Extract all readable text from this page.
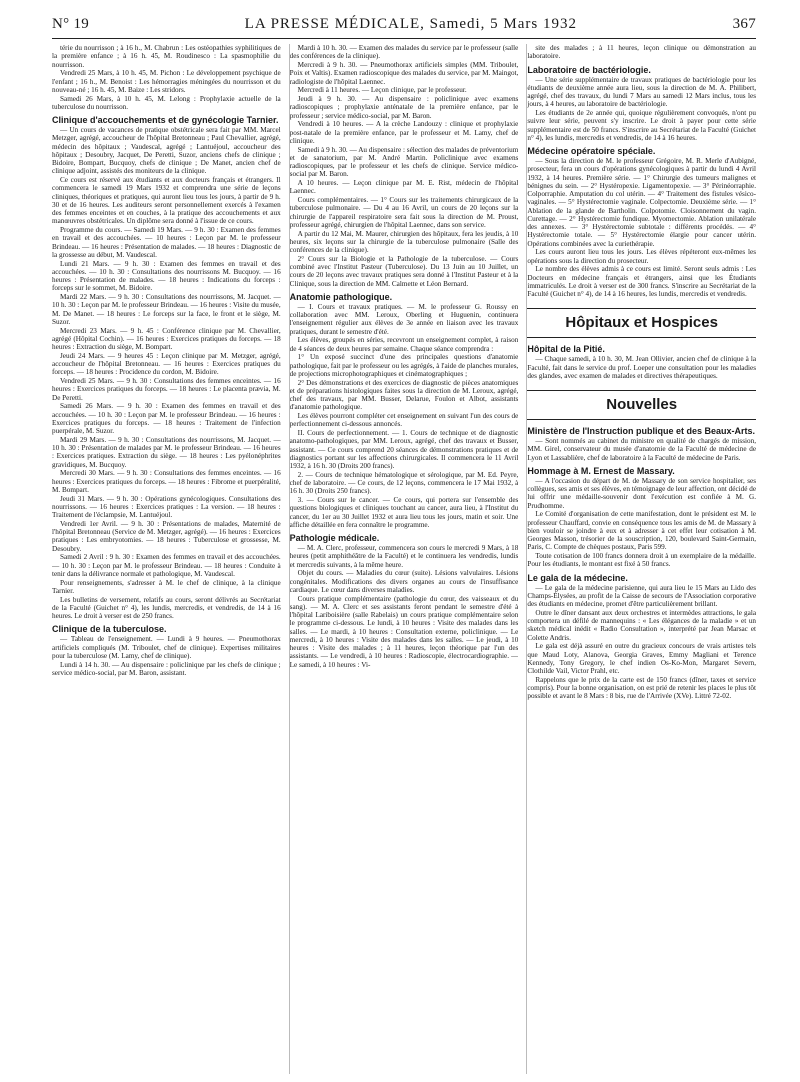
N° 19	LA PRESSE MÉDICALE, Samedi, 5 Mars 1932	367

térie du nourrisson ; à 16 h., M. Chabrun : Les ostéopathies syphilitiques de la première enfance ; à 16 h. 45, M. Roudinesco : La spasmophilie du nourrisson.

Vendredi 25 Mars, à 10 h. 45, M. Pichon : Le développement psychique de l'enfant ; 16 h., M. Benoist : Les hémorragies méningées du nourrisson et du nouveau-né ; 16 h. 45, M. Baize : Les stridors.

Samedi 26 Mars, à 10 h. 45, M. Lelong : Prophylaxie actuelle de la tuberculose du nourrisson.

Clinique d'accouchements et de gynécologie Tarnier.

— Un cours de vacances de pratique obstétricale sera fait par MM. Marcel Metzger, agrégé, accoucheur de l'hôpital Bretonneau ; Paul Chevallier, agrégé, médecin des hôpitaux ; Vaudescal, agrégé ; Lantuéjoul, accoucheur des hôpitaux ; Desoubry, Jacquet, De Peretti, Suzor, anciens chefs de clinique ; Bidoire, Bompart, Bucquoy, chefs de clinique ; De Manet, ancien chef de clinique adjoint, assistés des moniteurs de la clinique.

Ce cours est réservé aux étudiants et aux docteurs français et étrangers. Il commencera le samedi 19 Mars 1932 et comprendra une série de leçons cliniques, théoriques et pratiques, qui auront lieu tous les jours, à partir de 9 h. 30 et de 16 heures. Les auditeurs seront personnellement exercés à l'examen des femmes enceintes et en couches, à la pratique des accouchements et aux manœuvres obstétricales. Un diplôme sera donné à l'issue de ce cours.

Programme du cours. — Samedi 19 Mars. — 9 h. 30 : Examen des femmes en travail et des accouchées. — 10 heures : Leçon par M. le professeur Brindeau. — 16 heures : Présentation de malades. — 18 heures : Diagnostic de la grossesse au début, M. Vaudescal.

Lundi 21 Mars. — 9 h. 30 : Examen des femmes en travail et des accouchées. — 10 h. 30 : Consultations des nourrissons M. Bucquoy. — 16 heures : Présentation de malades. — 18 heures : Indications du forceps : forceps sur le sommet, M. Bidoire.

Mardi 22 Mars. — 9 h. 30 : Consultations des nourrissons, M. Jacquet. — 10 h. 30 : Leçon par M. le professeur Brindeau. — 16 heures : Visite du musée, M. De Manet. — 18 heures : Le forceps sur la face, le front et le siège, M. Suzor.

Mercredi 23 Mars. — 9 h. 45 : Conférence clinique par M. Chevallier, agrégé (Hôpital Cochin). — 16 heures : Exercices pratiques du forceps. — 18 heures : Extraction du siège, M. Bompart.

Jeudi 24 Mars. — 9 heures 45 : Leçon clinique par M. Metzger, agrégé, accoucheur de l'hôpital Bretonneau. — 16 heures : Exercices pratiques du forceps. — 18 heures : Procidence du cordon, M. Bidoire.

Vendredi 25 Mars. — 9 h. 30 : Consultations des femmes enceintes. — 16 heures : Exercices pratiques du forceps. — 18 heures : Le placenta prævia, M. De Peretti.

Samedi 26 Mars. — 9 h. 30 : Examen des femmes en travail et des accouchées. — 10 h. 30 : Leçon par M. le professeur Brindeau. — 16 heures : Exercices pratiques du forceps. — 18 heures : Traitement de l'infection puerpérale, M. Suzor.

Mardi 29 Mars. — 9 h. 30 : Consultations des nourrissons, M. Jacquet. — 10 h. 30 : Présentation de malades par M. le professeur Brindeau. — 16 heures : Exercices pratiques. Extraction du siège. — 18 heures : Les pyélonéphrites gravidiques, M. Bucquoy.

Mercredi 30 Mars. — 9 h. 30 : Consultations des femmes enceintes. — 16 heures : Exercices pratiques du forceps. — 18 heures : Fibrome et puerpéralité, M. Bompart.

Jeudi 31 Mars. — 9 h. 30 : Opérations gynécologiques. Consultations des nourrissons. — 16 heures : Exercices pratiques : La version. — 18 heures : Traitement de l'éclampsie, M. Lantuéjoul.

Vendredi 1er Avril. — 9 h. 30 : Présentations de malades, Maternité de l'hôpital Bretonneau (Service de M. Metzger, agrégé). — 16 heures : Exercices pratiques : Les embryotomies. — 18 heures : Tuberculose et grossesse, M. Desoubry.

Samedi 2 Avril : 9 h. 30 : Examen des femmes en travail et des accouchées. — 10 h. 30 : Leçon par M. le professeur Brindeau. — 18 heures : Conduite à tenir dans la délivrance normale et pathologique, M. Vaudescal.

Pour renseignements, s'adresser à M. le chef de clinique, à la clinique Tarnier.

Les bulletins de versement, relatifs au cours, seront délivrés au Secrétariat de la Faculté (Guichet n° 4), les lundis, mercredis, et vendredis, de 14 à 16 heures. Le droit à verser est de 250 francs.

Clinique de la tuberculose.

— Tableau de l'enseignement. — Lundi à 9 heures. — Pneumothorax artificiels compliqués (M. Triboulet, chef de clinique). Expertises militaires pour la tuberculose (M. Lamy, chef de clinique).

Lundi à 14 h. 30. — Au dispensaire : policlinique par les chefs de clinique ; service médico-social, par M. Baron, assistant.

Mardi à 10 h. 30. — Examen des malades du service par le professeur (salle des conférences de la clinique).

Mercredi à 9 h. 30. — Pneumothorax artificiels simples (MM. Triboulet, Poix et Valtis). Examen radioscopique des malades du service, par M. Maingot, radiologiste de l'hôpital Laennec.

Mercredi à 11 heures. — Leçon clinique, par le professeur.

Jeudi à 9 h. 30. — Au dispensaire : policlinique avec examens radioscopiques ; prophylaxie anténatale de la première enfance, par le professeur ; service médico-social, par M. Baron.

Vendredi à 10 heures. — A la crèche Landouzy : clinique et prophylaxie post-natale de la première enfance, par le professeur et M. Lamy, chef de clinique.

Samedi à 9 h. 30. — Au dispensaire : sélection des malades de préventorium et de sanatorium, par M. André Martin. Policlinique avec examens radioscopiques, par le professeur et les chefs de clinique. Service médico-social par M. Baron.

A 10 heures. — Leçon clinique par M. E. Rist, médecin de l'hôpital Laennec.

Cours complémentaires. — 1° Cours sur les traitements chirurgicaux de la tuberculose pulmonaire. — Du 4 au 16 Avril, un cours de 20 leçons sur la chirurgie de l'appareil respiratoire sera fait sous la direction de M. Proust, professeur agrégé, chirurgien de l'hôpital Laennec, dans son service.

A partir du 12 Mai, M. Maurer, chirurgien des hôpitaux, fera les jeudis, à 10 heures, six leçons sur la chirurgie de la tuberculose pulmonaire (Salle des conférences de la clinique).

2° Cours sur la Biologie et la Pathologie de la tuberculose. — Cours combiné avec l'Institut Pasteur (Tuberculose). Du 13 Juin au 10 Juillet, un cours de 20 leçons avec travaux pratiques sera donné à l'Institut Pasteur et à la Clinique, sous la direction de MM. Calmette et Léon Bernard.

Anatomie pathologique.

— I. Cours et travaux pratiques. — M. le professeur G. Roussy en collaboration avec MM. Leroux, Oberling et Huguenin, continuera l'enseignement régulier aux élèves de 3e année en liaison avec les travaux pratiques, durant le semestre d'été.

Les élèves, groupés en séries, recevront un enseignement complet, à raison de 4 séances de deux heures par semaine. Chaque séance comprendra :

1° Un exposé succinct d'une des principales questions d'anatomie pathologique, fait par le professeur ou les agrégés, à l'aide de planches murales, de projections microphotographiques et cinématographiques ;

2° Des démonstrations et des exercices de diagnostic de pièces anatomiques et de préparations histologiques faites sous la direction de M. Leroux, agrégé, chef des travaux, par MM. Busser, Delarue, Foulon et Albot, assistants d'anatomie pathologique.

Les élèves pourront compléter cet enseignement en suivant l'un des cours de perfectionnement ci-dessous annoncés.

II. Cours de perfectionnement. — 1. Cours de technique et de diagnostic anatomo-pathologiques, par MM. Leroux, agrégé, chef des travaux et Busser, assistant. — Ce cours comprend 20 séances de démonstrations pratiques et de diagnostics portant sur les affections chirurgicales. Il commencera le 11 Avril 1932, à 16 h. 30 (Droits 200 francs).

2. — Cours de technique hématologique et sérologique, par M. Ed. Peyre, chef de laboratoire. — Ce cours, de 12 leçons, commencera le 17 Mai 1932, à 16 h. 30 (Droits 250 francs).

3. — Cours sur le cancer. — Ce cours, qui portera sur l'ensemble des questions biologiques et cliniques touchant au cancer, aura lieu, à l'Institut du cancer, du 1er au 30 Juillet 1932 et aura lieu tous les jours, matin et soir. Une affiche détaillée en fera connaître le programme.

Pathologie médicale.

— M. A. Clerc, professeur, commencera son cours le mercredi 9 Mars, à 18 heures (petit amphithéâtre de la Faculté) et le continuera les vendredis, lundis et mercredis suivants, à la même heure.

Objet du cours. — Maladies du cœur (suite). Lésions valvulaires. Lésions congénitales. Modifications des divers organes au cours de l'insuffisance cardiaque. Le cœur dans diverses maladies.

Cours pratique complémentaire (pathologie du cœur, des vaisseaux et du sang). — M. A. Clerc et ses assistants feront pendant le semestre d'été à l'hôpital Lariboisière (salle Rabelais) un cours pratique complémentaire selon le programme ci-dessous. Le lundi, à 10 heures : Visite des malades dans les salles. — Le mardi, à 10 heures : Consultation externe, policlinique. — Le mercredi, à 10 heures : Visite des malades dans les salles. — Le jeudi, à 10 heures : Visite des malades ; à 11 heures, leçon théorique par l'un des assistants. — Le vendredi, à 10 heures : Radioscopie, électrocardiographie. — Le samedi, à 10 heures : Vi-

site des malades ; à 11 heures, leçon clinique ou démonstration au laboratoire.

Laboratoire de bactériologie.

— Une série supplémentaire de travaux pratiques de bactériologie pour les étudiants de deuxième année aura lieu, sous la direction de M. A. Philibert, agrégé, chef des travaux, du lundi 7 Mars au samedi 12 Mars inclus, tous les jours, à 4 heures, au laboratoire de bactériologie.

Les étudiants de 2e année qui, quoique régulièrement convoqués, n'ont pu suivre leur série, peuvent s'y inscrire. Le droit à payer pour cette série supplémentaire est de 50 francs. S'inscrire au Secrétariat de la Faculté (Guichet n° 4), les lundis, mercredis et vendredis, de 14 à 16 heures.

Médecine opératoire spéciale.

— Sous la direction de M. le professeur Grégoire, M. R. Merle d'Aubigné, prosecteur, fera un cours d'opérations gynécologiques à partir du lundi 4 Avril 1932, à 14 heures. Première série. — 1° Chirurgie des tumeurs malignes et bénignes du sein. — 2° Hystéropexie. Ligamentopexie. — 3° Périnéorraphie. Colporraphie. Amputation du col utérin. — 4° Traitement des fistules vésico-vaginales. — 5° Hystérectomie vaginale. Colpectomie. Deuxième série. — 1° Ablation de la glande de Bartholin. Colpotomie. Cloisonnement du vagin. Curettage. — 2° Hystérectomie fundique. Myomectomie. Ablation unilatérale des annexes. — 3° Hystérectomie subtotale : différents procédés. — 4° Hystérectomie totale. — 5° Hystérectomie élargie pour cancer utérin. Opérations combinées avec la curiethérapie.

Les cours auront lieu tous les jours. Les élèves répéteront eux-mêmes les opérations sous la direction du prosecteur.

Le nombre des élèves admis à ce cours est limité. Seront seuls admis : Les Docteurs en médecine français et étrangers, ainsi que les Étudiants immatriculés. Le droit à verser est de 300 francs. S'inscrire au Secrétariat de la Faculté (Guichet n° 4), de 14 à 16 heures, les lundis, mercredis et vendredis.

Hôpitaux et Hospices
Hôpital de la Pitié.

— Chaque samedi, à 10 h. 30, M. Jean Ollivier, ancien chef de clinique à la Faculté, fait dans le service du prof. Loeper une consultation pour les maladies des glandes, avec examen de malades et directives thérapeutiques.

Nouvelles
Ministère de l'Instruction publique et des Beaux-Arts.

— Sont nommés au cabinet du ministre en qualité de chargés de mission, MM. Girel, conservateur du musée d'anatomie de la Faculté de médecine de Lyon et Lassablière, chef de laboratoire à la Faculté de médecine de Paris.

Hommage à M. Ernest de Massary.

— A l'occasion du départ de M. de Massary de son service hospitalier, ses collègues, ses amis et ses élèves, en témoignage de leur affection, ont décidé de lui offrir une médaille-souvenir dont l'exécution est confiée à M. G. Prudhomme.

Le Comité d'organisation de cette manifestation, dont le président est M. le professeur Chauffard, convie en conséquence tous les amis de M. de Massary à bien vouloir se joindre à eux et à adresser à cet effet leur cotisation à M. Georges Masson, trésorier de la souscription, 120, boulevard Saint-Germain, Paris, C. Compte de chèques postaux, Paris 599.

Toute cotisation de 100 francs donnera droit à un exemplaire de la médaille. Pour les étudiants, le montant est fixé à 50 francs.

Le gala de la médecine.

— Le gala de la médecine parisienne, qui aura lieu le 15 Mars au Lido des Champs-Élysées, au profit de la Caisse de secours de l'Association corporative des étudiants en médecine, promet d'être particulièrement brillant.

Outre le dîner dansant aux deux orchestres et intermèdes attractions, le gala comportera un défilé de mannequins : « Les élégances de la maladie » et un sketch médical inédit « Radio Consultation », interprété par Jean Marsac et Colette Andris.

Le gala est déjà assuré en outre du gracieux concours de vrais artistes tels que Maud Loty, Alanova, Georgia Graves, Emmy Magliani et Terence Kennedy, Tony Gregory, le chef indien Os-Ko-Mon, Margaret Severn, Clothilde Vail, Victor Prahl, etc.

Rappelons que le prix de la carte est de 150 francs (dîner, taxes et service compris). Pour la bonne organisation, on est prié de retenir les places le plus tôt possible et avant le 8 Mars : 8 bis, rue de l'Arrivée (XVe). Littré 72-02.
